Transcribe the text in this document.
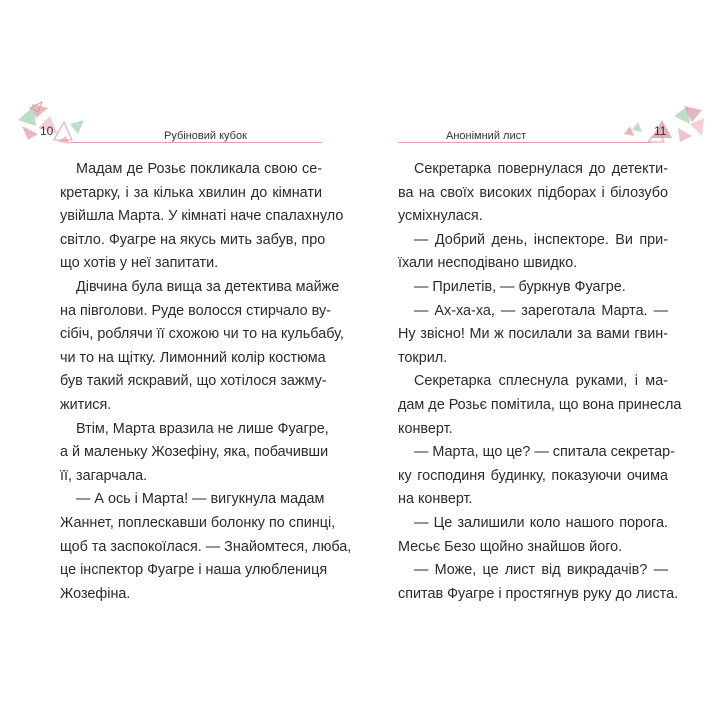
10	Рубіновий кубок
Мадам де Розьє покликала свою се-
кретарку, і за кілька хвилин до кімнати
увійшла Марта. У кімнаті наче спалахнуло
світло. Фуагре на якусь мить забув, про
що хотів у неї запитати.
Дівчина була вища за детектива майже
на півголови. Руде волосся стирчало ву-
сібіч, роблячи її схожою чи то на кульбабу,
чи то на щітку. Лимонний колір костюма
був такий яскравий, що хотілося зажму-
житися.
Втім, Марта вразила не лише Фуагре,
а й маленьку Жозефіну, яка, побачивши
її, загарчала.
— А ось і Марта! — вигукнула мадам
Жаннет, поплескавши болонку по спинці,
щоб та заспокоїлася. — Знайомтеся, люба,
це інспектор Фуагре і наша улюблениця
Жозефіна.
Анонімний лист	11
Секретарка повернулася до детекти-
ва на своїх високих підборах і білозубо
усміхнулася.
— Добрий день, інспекторе. Ви при-
їхали несподівано швидко.
— Прилетів, — буркнув Фуагре.
— Ах-ха-ха, — зареготала Марта. —
Ну звісно! Ми ж посилали за вами гвин-
токрил.
Секретарка сплеснула руками, і ма-
дам де Розьє помітила, що вона принесла
конверт.
— Марта, що це? — спитала секретар-
ку господиня будинку, показуючи очима
на конверт.
— Це залишили коло нашого порога.
Месьє Безо щойно знайшов його.
— Може, це лист від викрадачів? —
спитав Фуагре і простягнув руку до листа.
